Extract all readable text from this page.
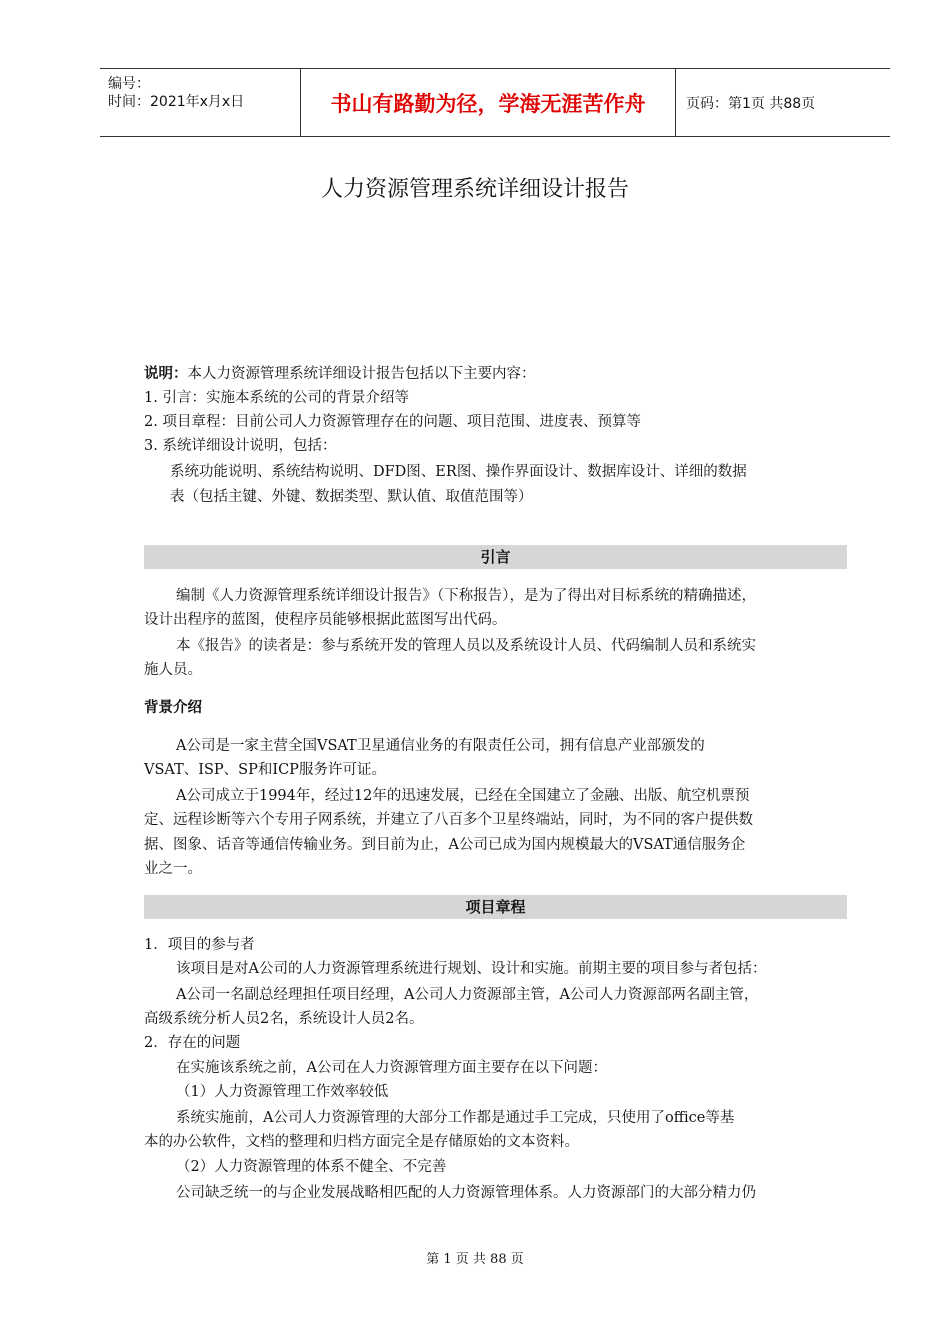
编号：
时间：2021年x月x日	书山有路勤为径，学海无涯苦作舟	页码：第1页 共88页
人力资源管理系统详细设计报告
说明：本人力资源管理系统详细设计报告包括以下主要内容：
1. 引言：实施本系统的公司的背景介绍等
2. 项目章程：目前公司人力资源管理存在的问题、项目范围、进度表、预算等
3. 系统详细设计说明，包括：
系统功能说明、系统结构说明、DFD图、ER图、操作界面设计、数据库设计、详细的数据
表（包括主键、外键、数据类型、默认值、取值范围等）
引言
编制《人力资源管理系统详细设计报告》（下称报告），是为了得出对目标系统的精确描述，
设计出程序的蓝图，使程序员能够根据此蓝图写出代码。
本《报告》的读者是：参与系统开发的管理人员以及系统设计人员、代码编制人员和系统实
施人员。
背景介绍
A公司是一家主营全国VSAT卫星通信业务的有限责任公司，拥有信息产业部颁发的
VSAT、ISP、SP和ICP服务许可证。
A公司成立于1994年，经过12年的迅速发展，已经在全国建立了金融、出版、航空机票预
定、远程诊断等六个专用子网系统，并建立了八百多个卫星终端站，同时，为不同的客户提供数
据、图象、话音等通信传输业务。到目前为止，A公司已成为国内规模最大的VSAT通信服务企
业之一。
项目章程
1．项目的参与者
该项目是对A公司的人力资源管理系统进行规划、设计和实施。前期主要的项目参与者包括：
A公司一名副总经理担任项目经理，A公司人力资源部主管，A公司人力资源部两名副主管，
高级系统分析人员2名，系统设计人员2名。
2．存在的问题
在实施该系统之前，A公司在人力资源管理方面主要存在以下问题：
（1）人力资源管理工作效率较低
系统实施前，A公司人力资源管理的大部分工作都是通过手工完成，只使用了office等基
本的办公软件，文档的整理和归档方面完全是存储原始的文本资料。
（2）人力资源管理的体系不健全、不完善
公司缺乏统一的与企业发展战略相匹配的人力资源管理体系。人力资源部门的大部分精力仍
第 1 页 共 88 页
